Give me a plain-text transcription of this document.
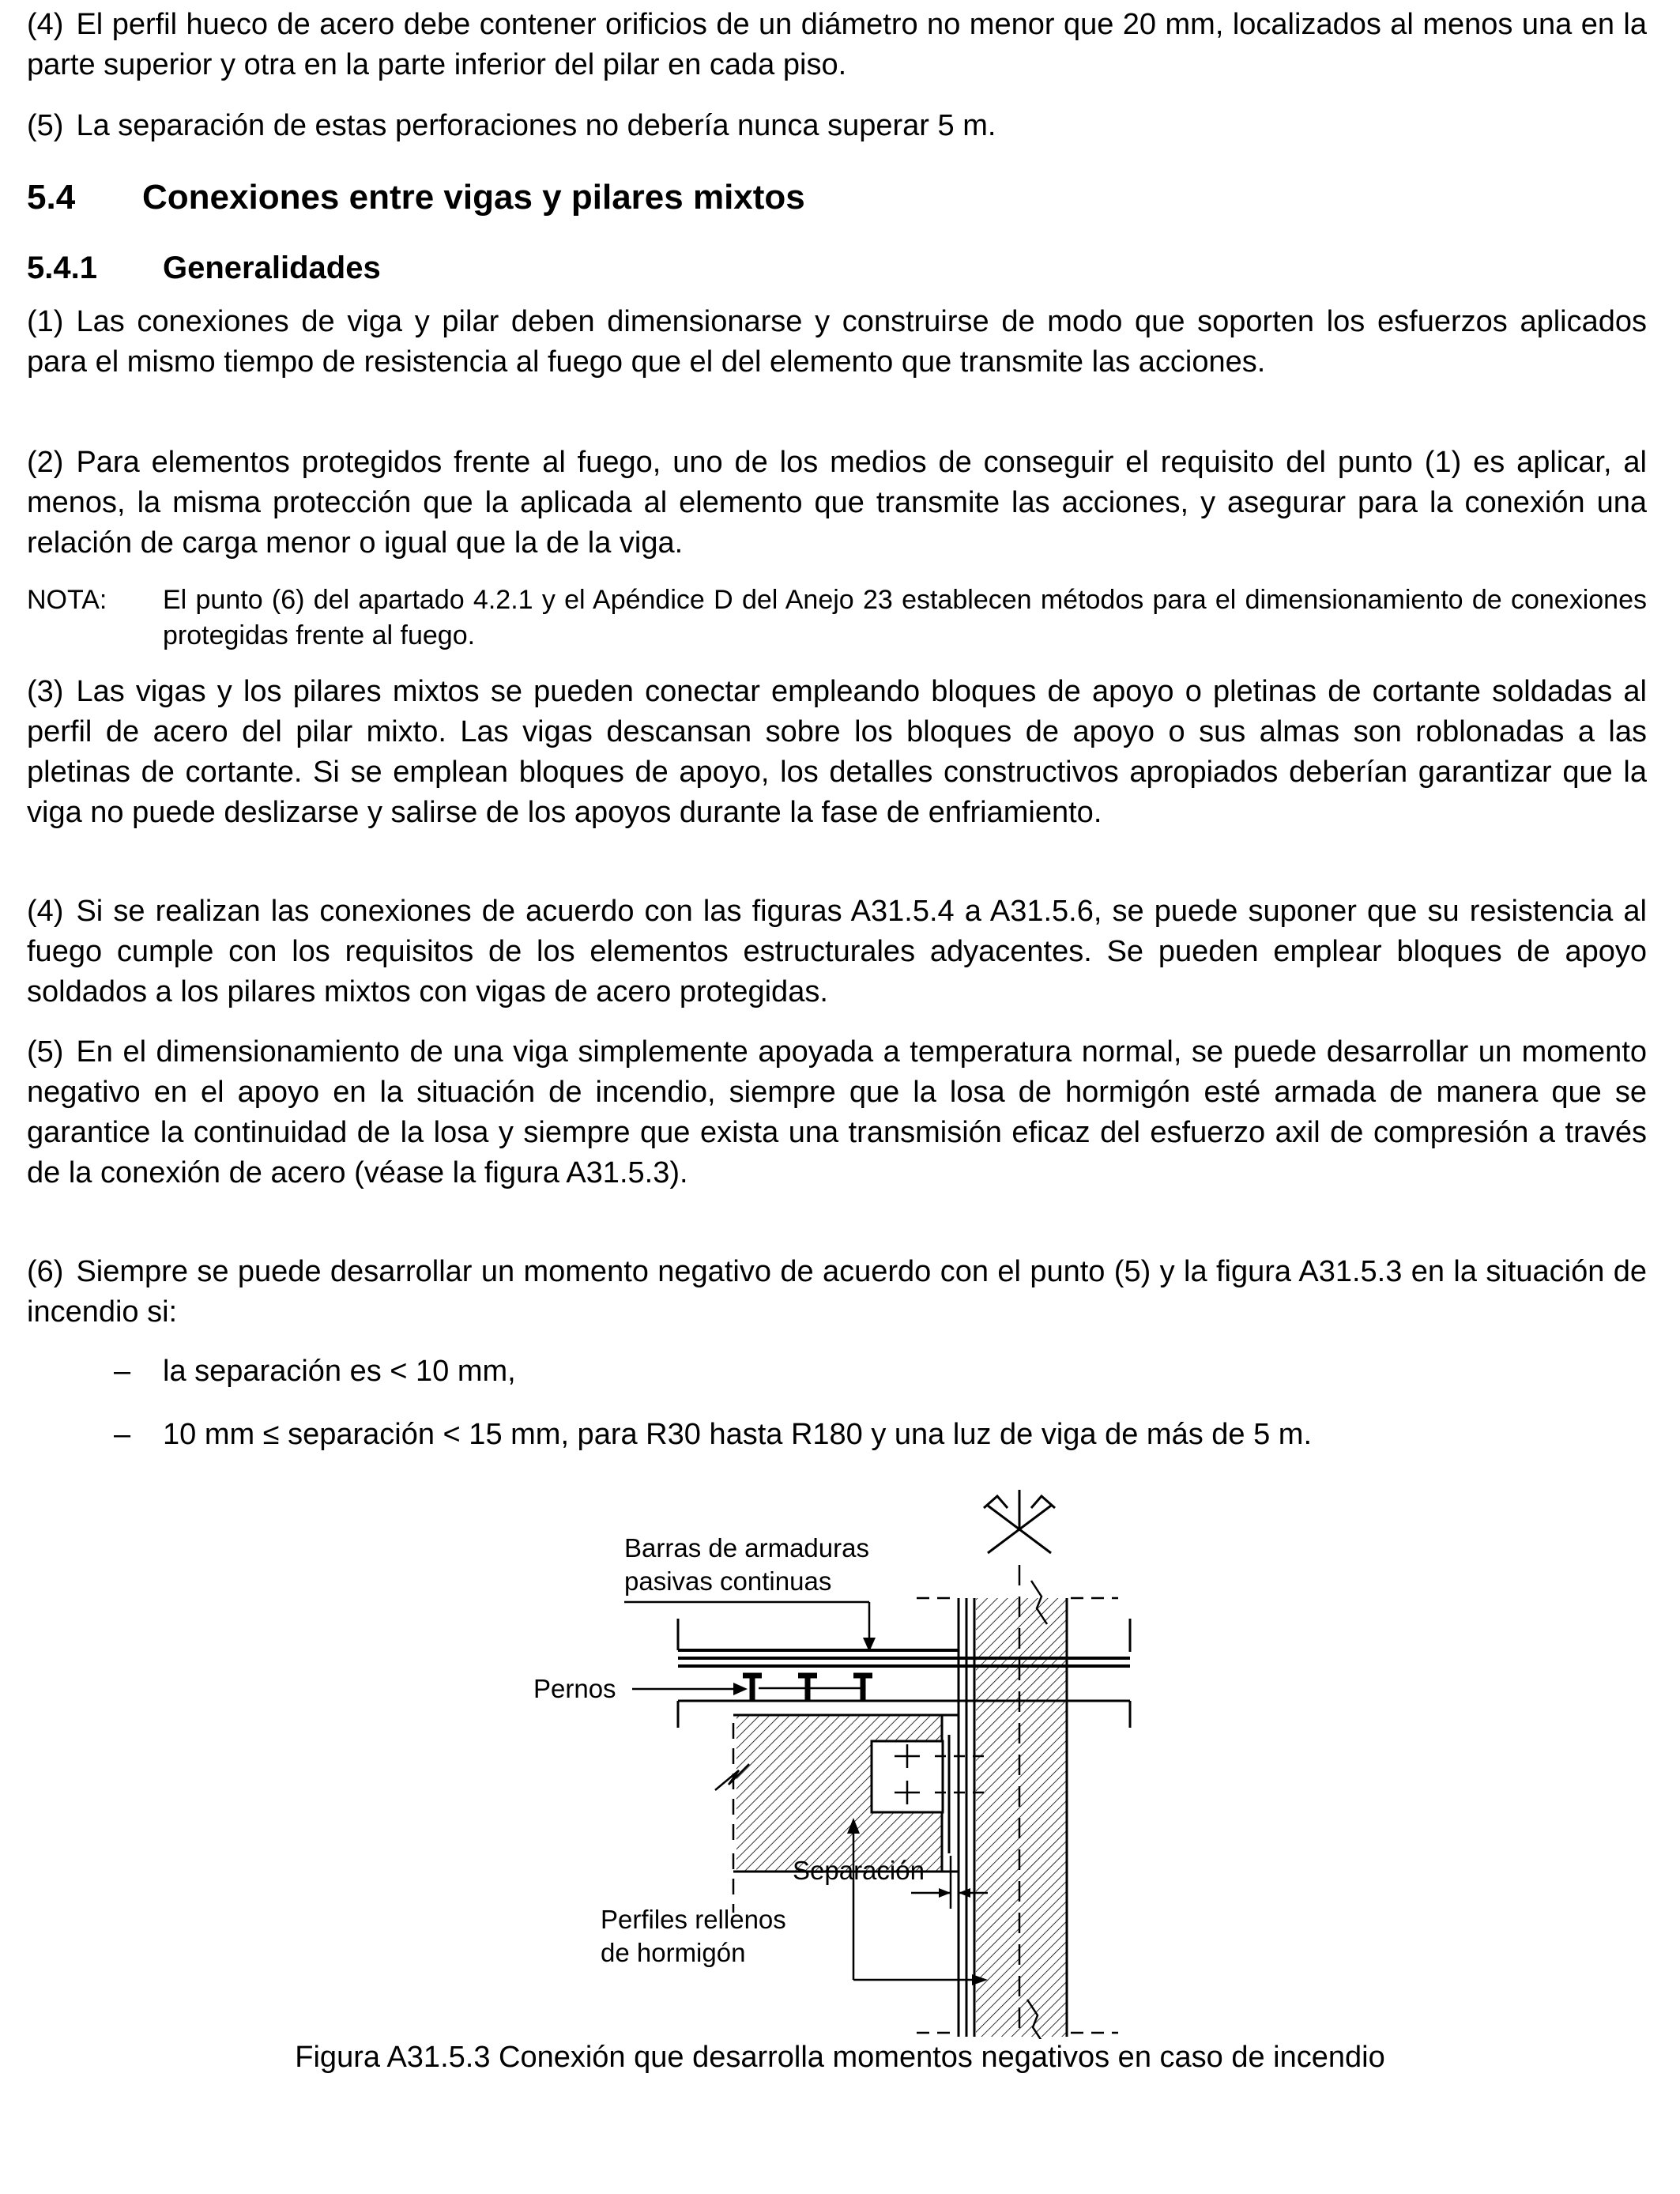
(4) El perfil hueco de acero debe contener orificios de un diámetro no menor que 20 mm, localizados al menos una en la parte superior y otra en la parte inferior del pilar en cada piso.

(5) La separación de estas perforaciones no debería nunca superar 5 m.

5.4 Conexiones entre vigas y pilares mixtos
5.4.1 Generalidades

(1) Las conexiones de viga y pilar deben dimensionarse y construirse de modo que soporten los esfuerzos aplicados para el mismo tiempo de resistencia al fuego que el del elemento que transmite las acciones.

(2) Para elementos protegidos frente al fuego, uno de los medios de conseguir el requisito del punto (1) es aplicar, al menos, la misma protección que la aplicada al elemento que transmite las acciones, y asegurar para la conexión una relación de carga menor o igual que la de la viga.

NOTA: El punto (6) del apartado 4.2.1 y el Apéndice D del Anejo 23 establecen métodos para el dimensionamiento de conexiones protegidas frente al fuego.

(3) Las vigas y los pilares mixtos se pueden conectar empleando bloques de apoyo o pletinas de cortante soldadas al perfil de acero del pilar mixto. Las vigas descansan sobre los bloques de apoyo o sus almas son roblonadas a las pletinas de cortante. Si se emplean bloques de apoyo, los detalles constructivos apropiados deberían garantizar que la viga no puede deslizarse y salirse de los apoyos durante la fase de enfriamiento.

(4) Si se realizan las conexiones de acuerdo con las figuras A31.5.4 a A31.5.6, se puede suponer que su resistencia al fuego cumple con los requisitos de los elementos estructurales adyacentes. Se pueden emplear bloques de apoyo soldados a los pilares mixtos con vigas de acero protegidas.

(5) En el dimensionamiento de una viga simplemente apoyada a temperatura normal, se puede desarrollar un momento negativo en el apoyo en la situación de incendio, siempre que la losa de hormigón esté armada de manera que se garantice la continuidad de la losa y siempre que exista una transmisión eficaz del esfuerzo axil de compresión a través de la conexión de acero (véase la figura A31.5.3).

(6) Siempre se puede desarrollar un momento negativo de acuerdo con el punto (5) y la figura A31.5.3 en la situación de incendio si:

– la separación es < 10 mm,

– 10 mm ≤ separación < 15 mm, para R30 hasta R180 y una luz de viga de más de 5 m.

Barras de armaduras
pasivas continuas
Pernos
Separación
Perfiles rellenos
de hormigón
Figura A31.5.3 Conexión que desarrolla momentos negativos en caso de incendio
